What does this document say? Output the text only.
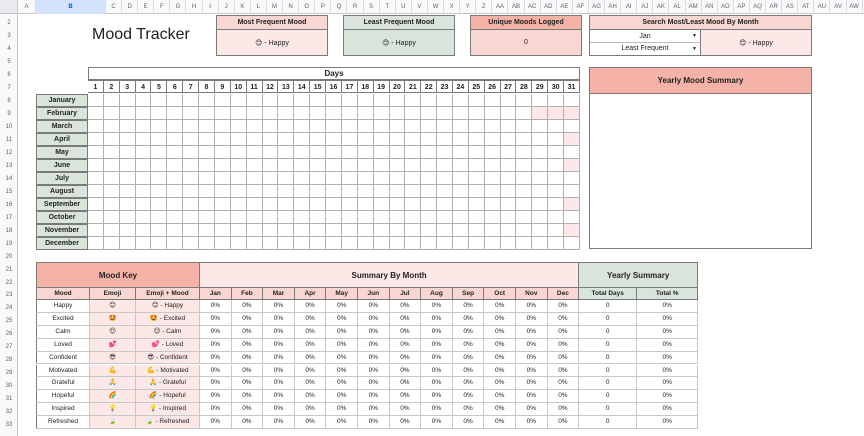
A	B	C	D	E	F	G	H	I	J	K	L	M	N	O	P	Q	R	S	T	U	V	W	X	Y	Z	AA	AB	AC	AD	AE	AF	AG	AH	AI	AJ	AK	AL	AM	AN	AO	AP	AQ	AR	AS	AT	AU	AV	AW
2
3
4
5
6
7
8
9
10
11
12
13
14
15
16
17
18
19
20
21
22
23
24
25
26
27
28
29
30
31
32
33
Mood Tracker
Most Frequent Mood
😊 - Happy
Least Frequent Mood
😊 - Happy
Unique Moods Logged
0
Search Most/Least Mood By Month
Jan	▼
Least Frequent	▼
😊 - Happy
Days
1	2	3	4	5	6	7	8	9	10	11	12	13	14	15	16	17	18	19	20	21	22	23	24	25	26	27	28	29	30	31
January
February
March
April
May
June
July
August
September
October
November
December
Yearly Mood Summary
Mood Key	Summary By Month	Yearly Summary
Mood	Emoji	Emoji + Mood	Jan	Feb	Mar	Apr	May	Jun	Jul	Aug	Sep	Oct	Nov	Dec	Total Days	Total %
Happy	😊	😊 - Happy	0%	0%	0%	0%	0%	0%	0%	0%	0%	0%	0%	0%	0	0%
Excited	🤩	🤩 - Excited	0%	0%	0%	0%	0%	0%	0%	0%	0%	0%	0%	0%	0	0%
Calm	😌	😌 - Calm	0%	0%	0%	0%	0%	0%	0%	0%	0%	0%	0%	0%	0	0%
Loved	💕	💕 - Loved	0%	0%	0%	0%	0%	0%	0%	0%	0%	0%	0%	0%	0	0%
Confident	😎	😎 - Confident	0%	0%	0%	0%	0%	0%	0%	0%	0%	0%	0%	0%	0	0%
Motivated	💪	💪 - Motivated	0%	0%	0%	0%	0%	0%	0%	0%	0%	0%	0%	0%	0	0%
Grateful	🙏	🙏 - Grateful	0%	0%	0%	0%	0%	0%	0%	0%	0%	0%	0%	0%	0	0%
Hopeful	🌈	🌈 - Hopeful	0%	0%	0%	0%	0%	0%	0%	0%	0%	0%	0%	0%	0	0%
Inspired	💡	💡 - Inspired	0%	0%	0%	0%	0%	0%	0%	0%	0%	0%	0%	0%	0	0%
Refreshed	🍃	🍃 - Refreshed	0%	0%	0%	0%	0%	0%	0%	0%	0%	0%	0%	0%	0	0%
